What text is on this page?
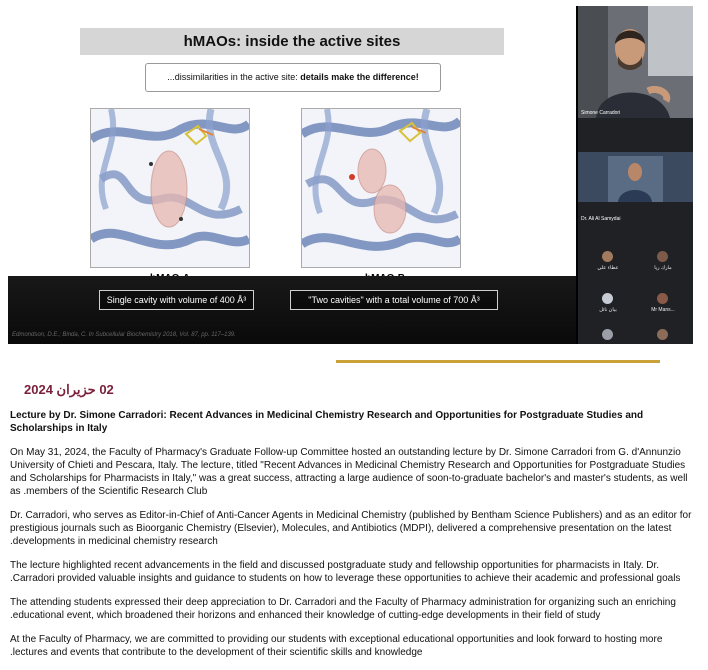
hMAOs: inside the active sites
...dissimilarities in the active site: details make the difference!
Single cavity with volume of 400 Å³	"Two cavities" with a total volume of 700 Å³
Edmondson, D.E.; Binda, C. In Subcellular Biochemistry 2018, Vol. 87, pp. 117–139.
Simone Carradori
Dr. Ali Al Samydai
عطاء علي	مارك ريا
بيان نائل	Mr Mans...
02 حزيران 2024

Lecture by Dr. Simone Carradori: Recent Advances in Medicinal Chemistry Research and Opportunities for Postgraduate Studies and Scholarships in Italy

On May 31, 2024, the Faculty of Pharmacy's Graduate Follow-up Committee hosted an outstanding lecture by Dr. Simone Carradori from G. d'Annunzio University of Chieti and Pescara, Italy. The lecture, titled "Recent Advances in Medicinal Chemistry Research and Opportunities for Postgraduate Studies and Scholarships for Pharmacists in Italy," was a great success, attracting a large audience of soon-to-graduate bachelor's and master's students, as well as .members of the Scientific Research Club

Dr. Carradori, who serves as Editor-in-Chief of Anti-Cancer Agents in Medicinal Chemistry (published by Bentham Science Publishers) and as an editor for prestigious journals such as Bioorganic Chemistry (Elsevier), Molecules, and Antibiotics (MDPI), delivered a comprehensive presentation on the latest .developments in medicinal chemistry research

The lecture highlighted recent advancements in the field and discussed postgraduate study and fellowship opportunities for pharmacists in Italy. Dr. .Carradori provided valuable insights and guidance to students on how to leverage these opportunities to achieve their academic and professional goals

The attending students expressed their deep appreciation to Dr. Carradori and the Faculty of Pharmacy administration for organizing such an enriching .educational event, which broadened their horizons and enhanced their knowledge of cutting-edge developments in their field of study

At the Faculty of Pharmacy, we are committed to providing our students with exceptional educational opportunities and look forward to hosting more .lectures and events that contribute to the development of their scientific skills and knowledge
